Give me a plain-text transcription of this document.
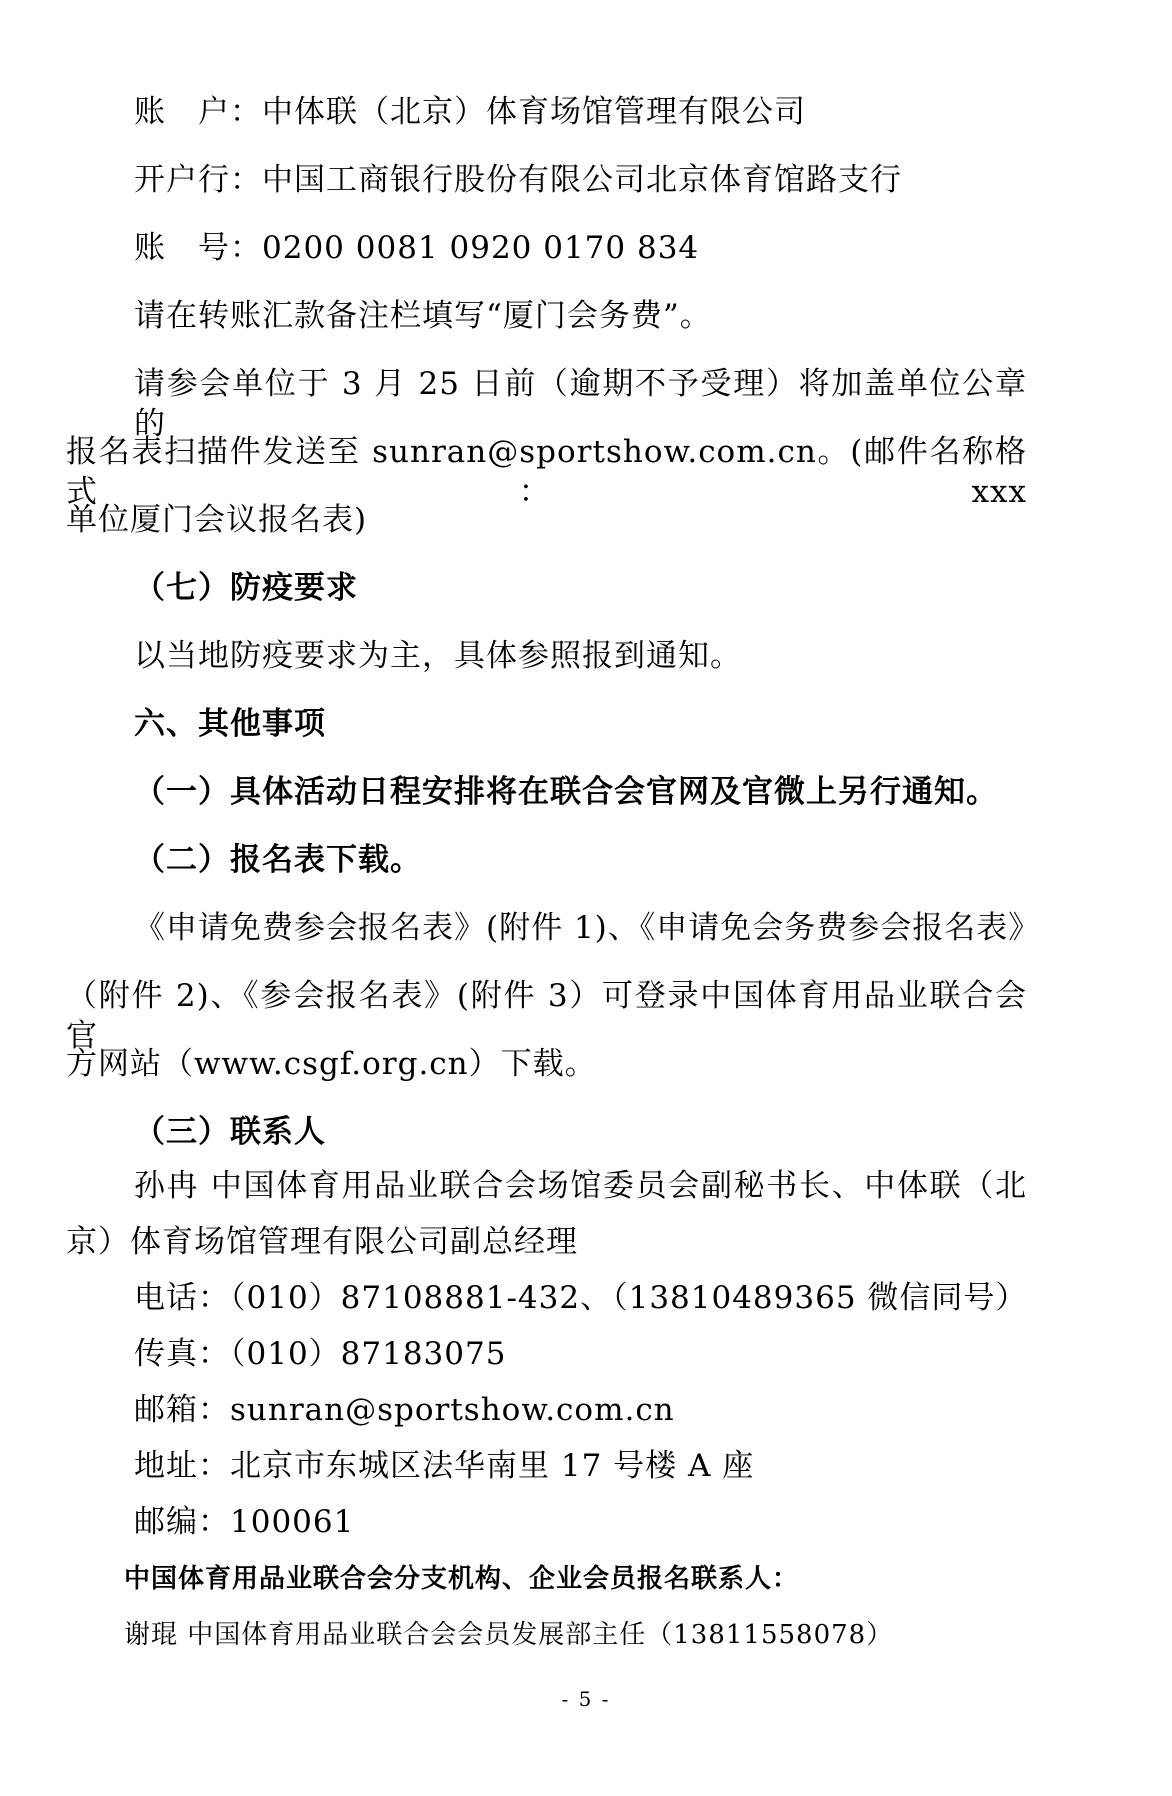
账　户：中体联（北京）体育场馆管理有限公司
开户行：中国工商银行股份有限公司北京体育馆路支行
账　号：0200 0081 0920 0170 834
请在转账汇款备注栏填写“厦门会务费”。
请参会单位于 3 月 25 日前（逾期不予受理）将加盖单位公章的
报名表扫描件发送至 sunran@sportshow.com.cn。(邮件名称格式：xxx
单位厦门会议报名表)
（七）防疫要求
以当地防疫要求为主，具体参照报到通知。
六、其他事项
（一）具体活动日程安排将在联合会官网及官微上另行通知。
（二）报名表下载。
《申请免费参会报名表》(附件 1)、《申请免会务费参会报名表》
（附件 2)、《参会报名表》(附件 3）可登录中国体育用品业联合会官
方网站（www.csgf.org.cn）下载。
（三）联系人
孙冉 中国体育用品业联合会场馆委员会副秘书长、中体联（北
京）体育场馆管理有限公司副总经理
电话：（010）87108881-432、（13810489365 微信同号）
传真：（010）87183075
邮箱：sunran@sportshow.com.cn
地址：北京市东城区法华南里 17 号楼 A 座
邮编：100061
中国体育用品业联合会分支机构、企业会员报名联系人：
谢琨 中国体育用品业联合会会员发展部主任（13811558078）
- 5 -
